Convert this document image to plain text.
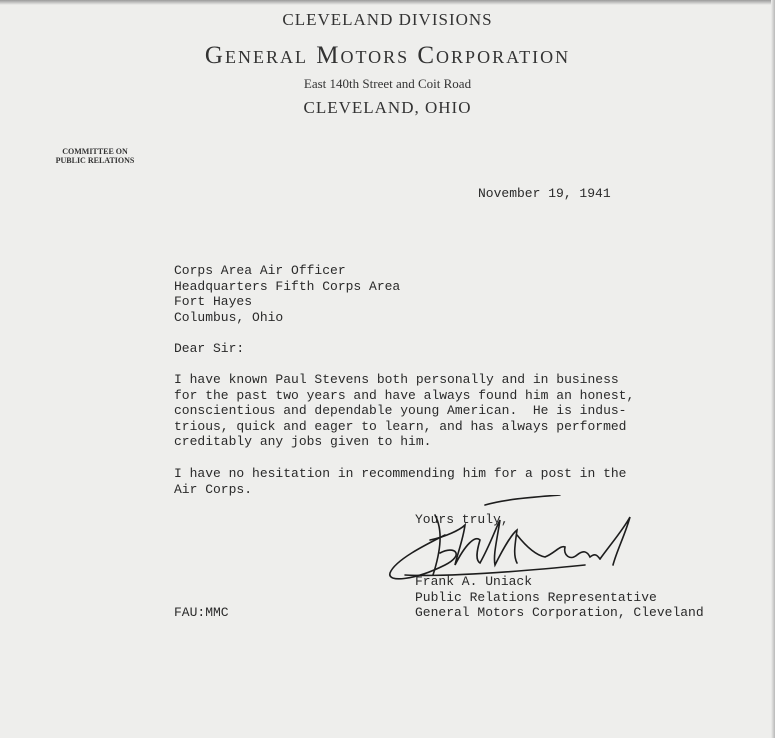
CLEVELAND DIVISIONS
General Motors Corporation
East 140th Street and Coit Road
CLEVELAND, OHIO
COMMITTEE ON
PUBLIC RELATIONS
November 19, 1941
Corps Area Air Officer
Headquarters Fifth Corps Area
Fort Hayes
Columbus, Ohio
Dear Sir:
I have known Paul Stevens both personally and in business
for the past two years and have always found him an honest,
conscientious and dependable young American.  He is indus-
trious, quick and eager to learn, and has always performed
creditably any jobs given to him.
I have no hesitation in recommending him for a post in the
Air Corps.
Yours truly,
Frank A. Uniack
Public Relations Representative
General Motors Corporation, Cleveland
FAU:MMC
